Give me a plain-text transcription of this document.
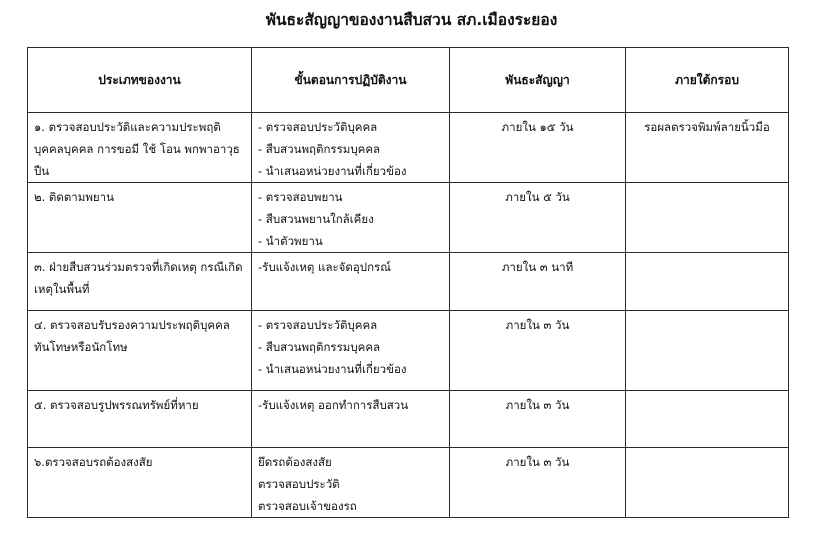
พันธะสัญญาของงานสืบสวน สภ.เมืองระยอง
ประเภทของงาน	ขั้นตอนการปฏิบัติงาน	พันธะสัญญา	ภายใต้กรอบ

๑. ตรวจสอบประวัติและความประพฤติ บุคคลบุคคล การขอมี ใช้ โอน พกพาอาวุธปืน	- ตรวจสอบประวัติบุคคล
- สืบสวนพฤติกรรมบุคคล
- นำเสนอหน่วยงานที่เกี่ยวข้อง	ภายใน ๑๕ วัน	รอผลตรวจพิมพ์ลายนิ้วมือ

๒. ติดตามพยาน	- ตรวจสอบพยาน
- สืบสวนพยานใกล้เคียง
- นำตัวพยาน	ภายใน ๕ วัน	

๓. ฝ่ายสืบสวนร่วมตรวจที่เกิดเหตุ กรณีเกิดเหตุในพื้นที่	-รับแจ้งเหตุ และจัดอุปกรณ์	ภายใน ๓ นาที	

๔. ตรวจสอบรับรองความประพฤติบุคคล ทันโทษหรือนักโทษ	- ตรวจสอบประวัติบุคคล
- สืบสวนพฤติกรรมบุคคล
- นำเสนอหน่วยงานที่เกี่ยวข้อง	ภายใน ๓ วัน	

๕. ตรวจสอบรูปพรรณทรัพย์ที่หาย	-รับแจ้งเหตุ ออกทำการสืบสวน	ภายใน ๓ วัน	

๖.ตรวจสอบรถต้องสงสัย	ยึดรถต้องสงสัย
ตรวจสอบประวัติ
ตรวจสอบเจ้าของรถ	ภายใน ๓ วัน	
